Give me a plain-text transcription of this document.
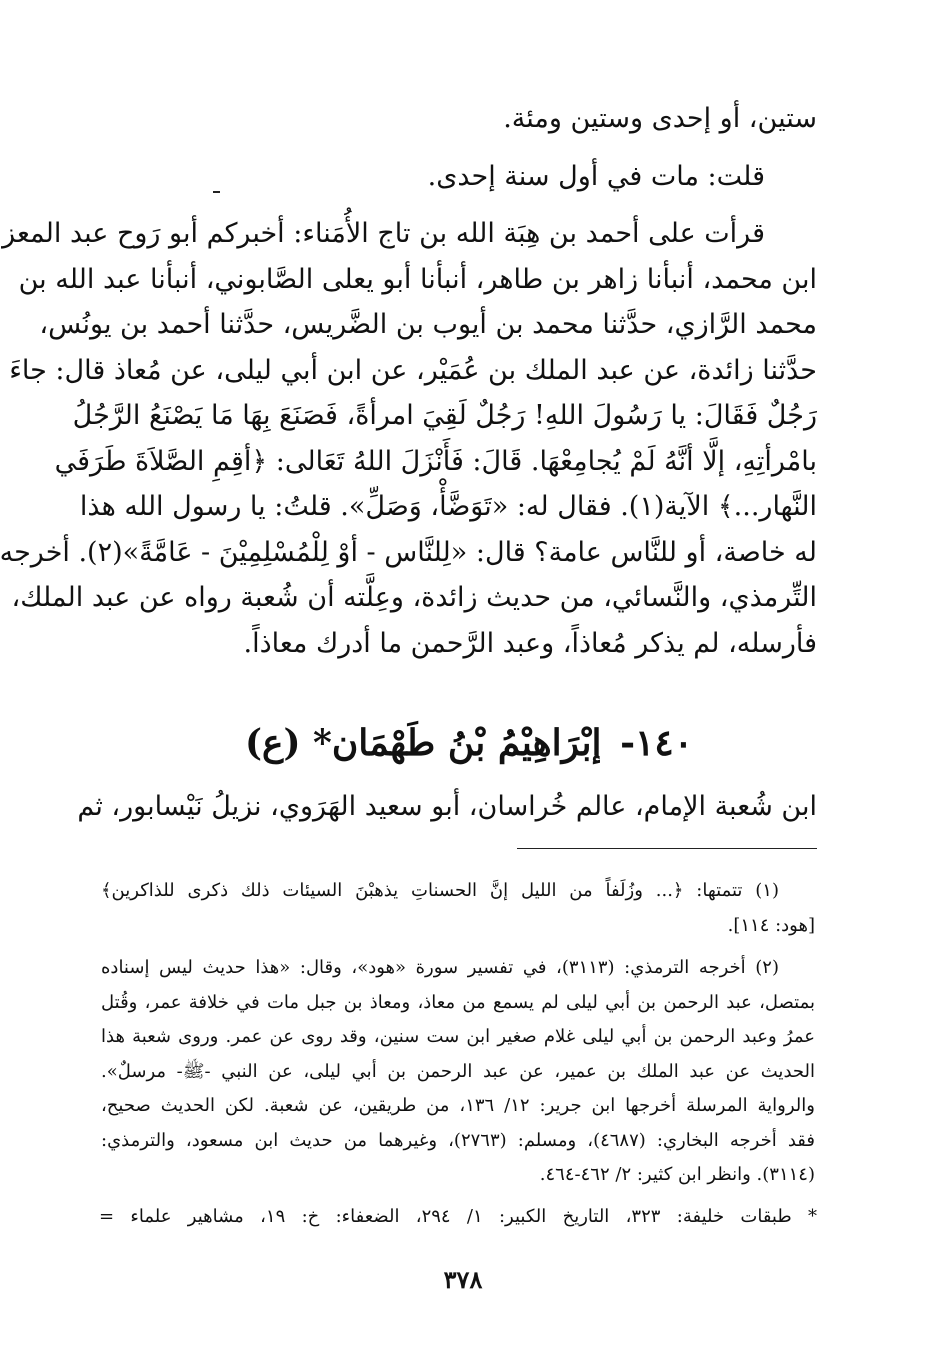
ستين، أو إحدى وستين ومئة.
قلت: مات في أول سنة إحدى.
قرأت على أحمد بن هِبَة الله بن تاج الأُمَناء: أخبركم أبو رَوح عبد المعز
ابن محمد، أنبأنا زاهر بن طاهر، أنبأنا أبو يعلى الصَّابوني، أنبأنا عبد الله بن
محمد الرَّازي، حدَّثنا محمد بن أيوب بن الضَّريس، حدَّثنا أحمد بن يونُس،
حدَّثنا زائدة، عن عبد الملك بن عُمَيْر، عن ابن أبي ليلى، عن مُعاذ قال: جاءَ
رَجُلٌ فَقَالَ: يا رَسُولَ اللهِ! رَجُلٌ لَقِيَ امرأةً، فَصَنَعَ بِهَا مَا يَصْنَعُ الرَّجُلُ
بامْرأتِهِ، إلَّا أنَّهُ لَمْ يُجامِعْهَا. قَالَ: فَأَنْزَلَ اللهُ تَعَالى: ﴿أقِمِ الصَّلاَةَ طَرَفَي
النَّهار...﴾ الآية(١). فقال له: «تَوَضَّأْ، وَصَلِّ». قلتُ: يا رسول الله هذا
له خاصة، أو للنَّاس عامة؟ قال: «لِلنَّاس - أوْ لِلْمُسْلِمِيْنَ - عَامَّةً»(٢). أخرجه
التِّرمذي، والنَّسائي، من حديث زائدة، وعِلَّته أن شُعبة رواه عن عبد الملك،
فأرسله، لم يذكر مُعاذاً، وعبد الرَّحمن ما أدرك معاذاً.
١٤٠- إبْرَاهِيْمُ بْنُ طَهْمَان* (ع)
ابن شُعبة الإمام، عالم خُراسان، أبو سعيد الهَرَوي، نزيلُ نَيْسابور، ثم
(١) تتمتها: ﴿... وزُلَفاً من الليل إنَّ الحسناتِ يذهبْنَ السيئات ذلك ذكرى للذاكرين﴾
[هود: ١١٤].
(٢) أخرجه الترمذي: (٣١١٣)، في تفسير سورة «هود»، وقال: «هذا حديث ليس إسناده
بمتصل، عبد الرحمن بن أبي ليلى لم يسمع من معاذ، ومعاذ بن جبل مات في خلافة عمر، وقُتل
عمرُ وعبد الرحمن بن أبي ليلى غلام صغير ابن ست سنين، وقد روى عن عمر. وروى شعبة هذا
الحديث عن عبد الملك بن عمير، عن عبد الرحمن بن أبي ليلى، عن النبي -ﷺ- مرسلٌ».
والرواية المرسلة أخرجها ابن جرير: ١٢/ ١٣٦، من طريقين، عن شعبة. لكن الحديث صحيح،
فقد أخرجه البخاري: (٤٦٨٧)، ومسلم: (٢٧٦٣)، وغيرهما من حديث ابن مسعود، والترمذي:
(٣١١٤). وانظر ابن كثير: ٢/ ٤٦٢-٤٦٤.
* طبقات خليفة: ٣٢٣، التاريخ الكبير: ١/ ٢٩٤، الضعفاء: خ: ١٩، مشاهير علماء =
٣٧٨
